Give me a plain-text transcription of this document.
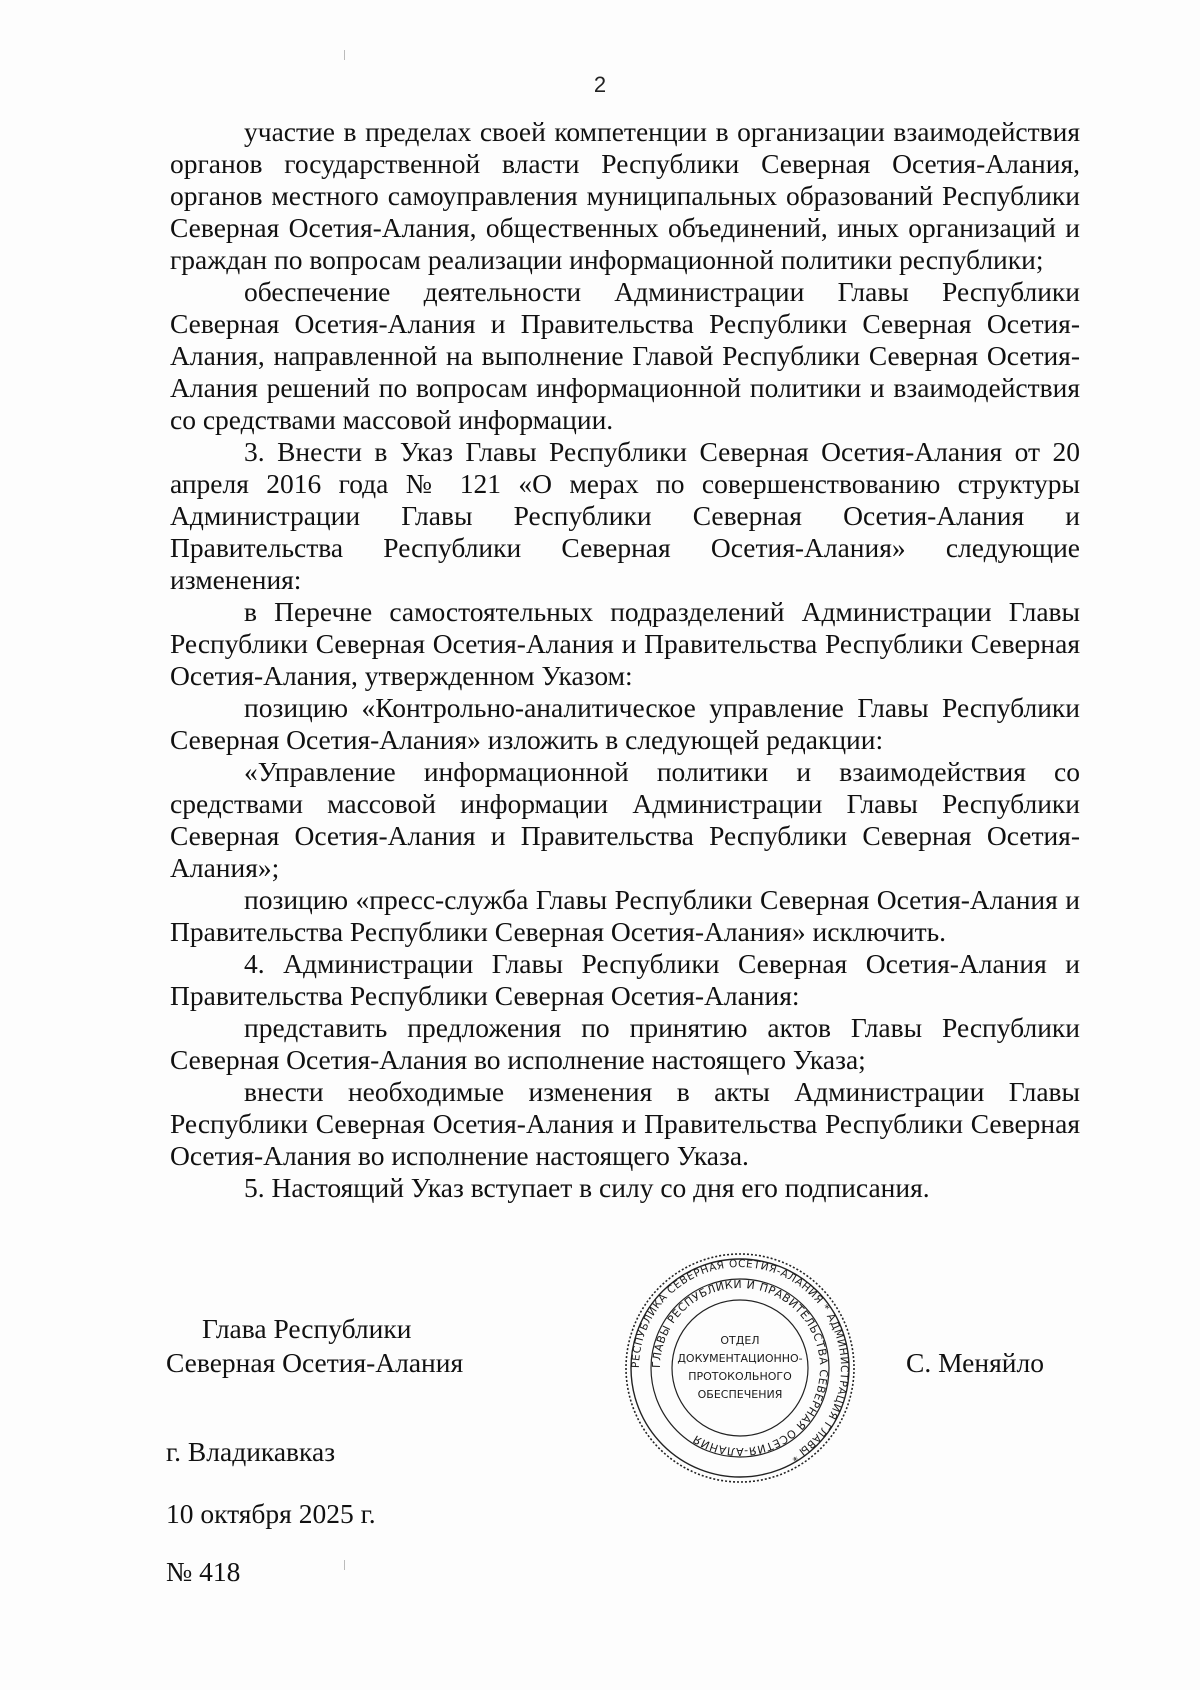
2

участие в пределах своей компетенции в организации взаимодействия органов государственной власти Республики Северная Осетия-Алания, органов местного самоуправления муниципальных образований Республики Северная Осетия-Алания, общественных объединений, иных организаций и граждан по вопросам реализации информационной политики республики;

обеспечение деятельности Администрации Главы Республики Северная Осетия-Алания и Правительства Республики Северная Осетия-Алания, направленной на выполнение Главой Республики Северная Осетия-Алания решений по вопросам информационной политики и взаимодействия со средствами массовой информации.

3. Внести в Указ Главы Республики Северная Осетия-Алания от 20 апреля 2016 года № 121 «О мерах по совершенствованию структуры Администрации Главы Республики Северная Осетия-Алания и Правительства Республики Северная Осетия-Алания» следующие изменения:

в Перечне самостоятельных подразделений Администрации Главы Республики Северная Осетия-Алания и Правительства Республики Северная Осетия-Алания, утвержденном Указом:

позицию «Контрольно-аналитическое управление Главы Республики Северная Осетия-Алания» изложить в следующей редакции:

«Управление информационной политики и взаимодействия со средствами массовой информации Администрации Главы Республики Северная Осетия-Алания и Правительства Республики Северная Осетия-Алания»;

позицию «пресс-служба Главы Республики Северная Осетия-Алания и Правительства Республики Северная Осетия-Алания» исключить.

4. Администрации Главы Республики Северная Осетия-Алания и Правительства Республики Северная Осетия-Алания:

представить предложения по принятию актов Главы Республики Северная Осетия-Алания во исполнение настоящего Указа;

внести необходимые изменения в акты Администрации Главы Республики Северная Осетия-Алания и Правительства Республики Северная Осетия-Алания во исполнение настоящего Указа.

5. Настоящий Указ вступает в силу со дня его подписания.

Глава Республики
Северная Осетия-Алания	РЕСПУБЛИКА СЕВЕРНАЯ ОСЕТИЯ-АЛАНИЯ * АДМИНИСТРАЦИЯ ГЛАВЫ *
ГЛАВЫ РЕСПУБЛИКИ И ПРАВИТЕЛЬСТВА СЕВЕРНАЯ ОСЕТИЯ-АЛАНИЯ
ОТДЕЛ
ДОКУМЕНТАЦИОННО-
ПРОТОКОЛЬНОГО
ОБЕСПЕЧЕНИЯ
С. Меняйло
г. Владикавказ
10 октября 2025 г.
№ 418
